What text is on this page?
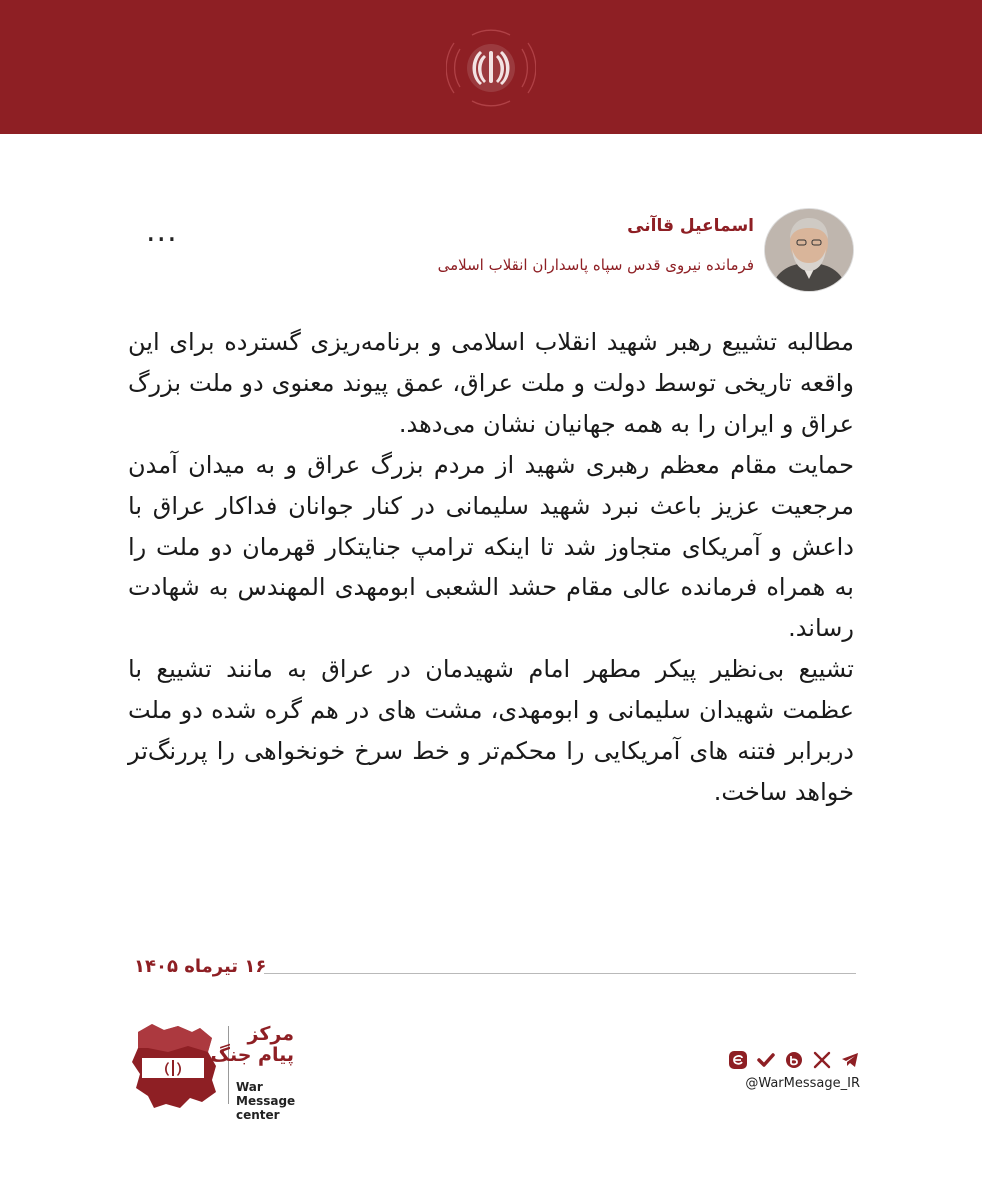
...	اسماعیل قاآنی
فرمانده نیروی قدس سپاه پاسداران انقلاب اسلامی

مطالبه تشییع رهبر شهید انقلاب اسلامی و برنامه‌ریزی گسترده برای این واقعه تاریخی توسط دولت و ملت عراق، عمق پیوند معنوی دو ملت بزرگ عراق و ایران را به همه جهانیان نشان می‌دهد.

حمایت مقام معظم رهبری شهید از مردم بزرگ عراق و به میدان آمدن مرجعیت عزیز باعث نبرد شهید سلیمانی در کنار جوانان فداکار عراق با داعش و آمریکای متجاوز شد تا اینکه ترامپ جنایتکار قهرمان دو ملت را به همراه فرمانده عالی مقام حشد الشعبی ابومهدی المهندس به شهادت رساند.

تشییع بی‌نظیر پیکر مطهر امام شهیدمان در عراق به مانند تشییع با عظمت شهیدان سلیمانی و ابومهدی، مشت های در هم گره شده دو ملت دربرابر فتنه های آمریکایی را محکم‌تر و خط سرخ خونخواهی را پررنگ‌تر خواهد ساخت.

۱۶ تیرماه ۱۴۰۵
مرکز
پیام جنگ
War Message
center

@WarMessage_IR
